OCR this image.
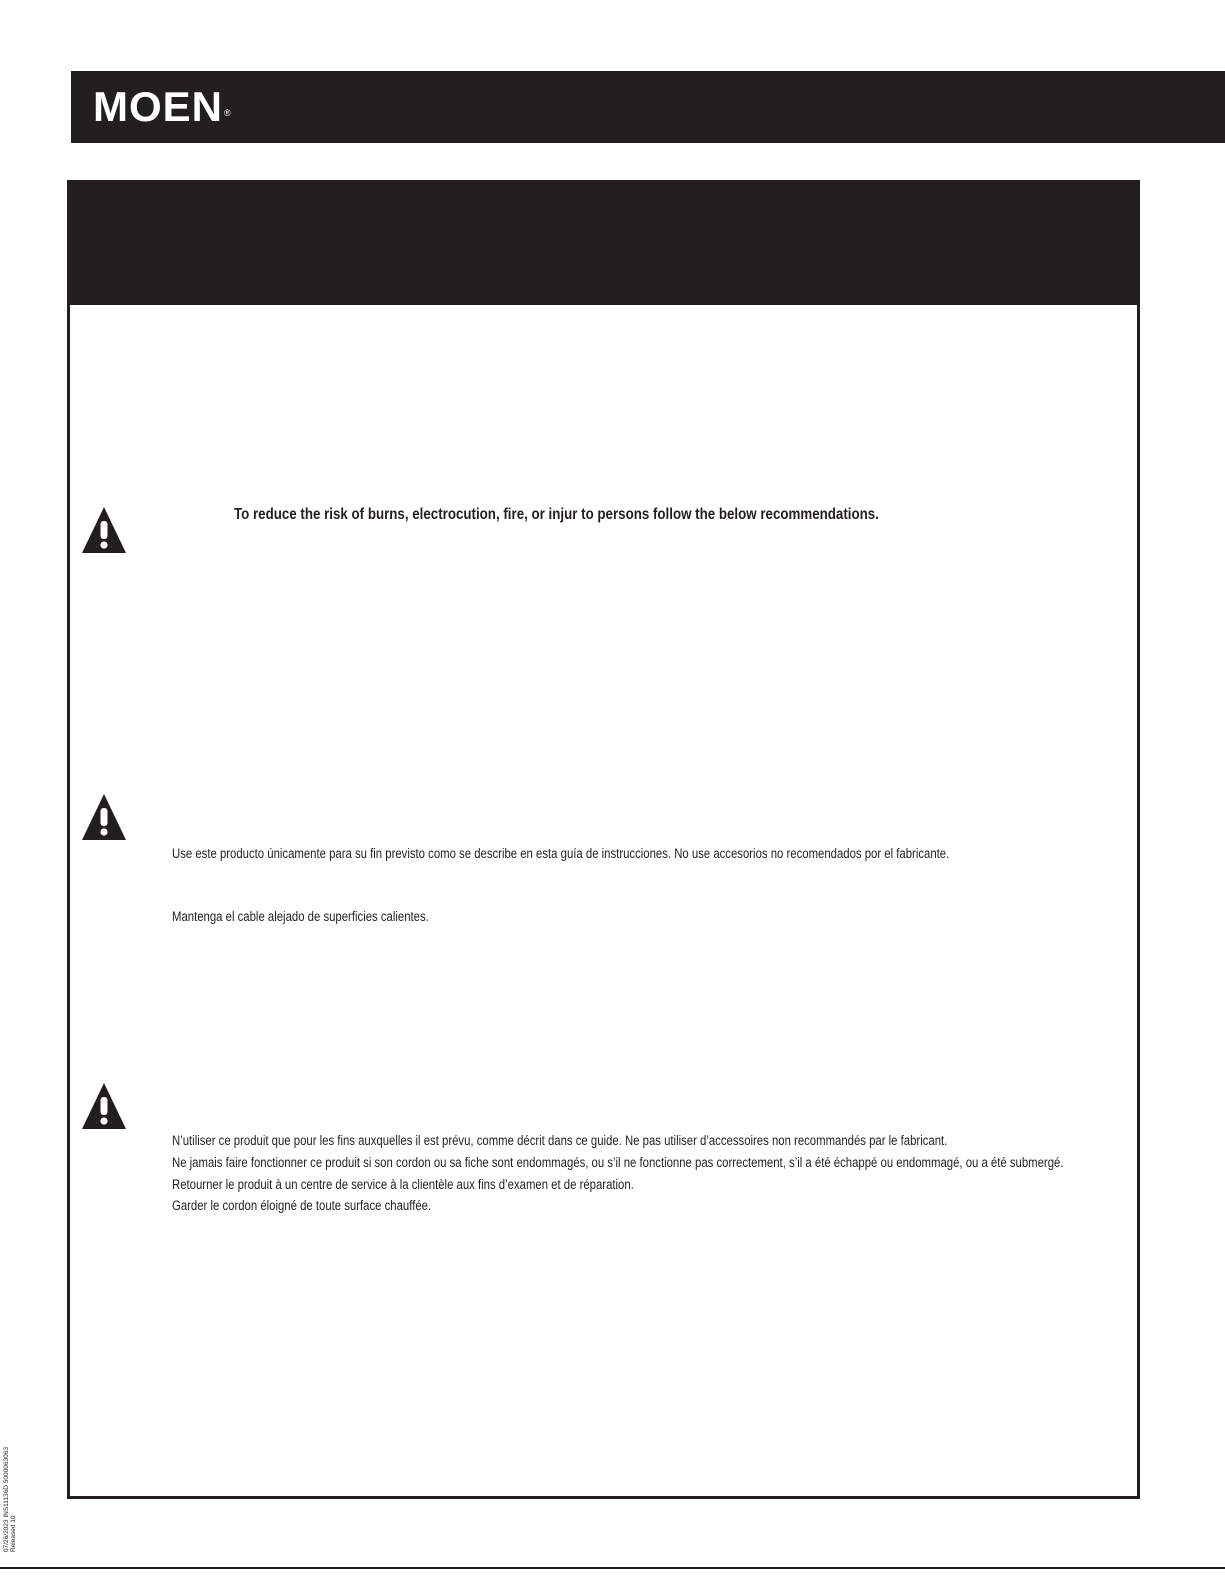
MOEN®
To reduce the risk of burns, electrocution, fire, or injur to persons follow the below recommendations.
Use este producto únicamente para su fin previsto como se describe en esta guía de instrucciones. No use accesorios no recomendados por el fabricante.
Mantenga el cable alejado de superficies calientes.
N’utiliser ce produit que pour les fins auxquelles il est prévu, comme décrit dans ce guide. Ne pas utiliser d’accessoires non recommandés par le fabricant.
Ne jamais faire fonctionner ce produit si son cordon ou sa fiche sont endommagés, ou s’il ne fonctionne pas correctement, s’il a été échappé ou endommagé, ou a été submergé.
Retourner le produit à un centre de service à la clientèle aux fins d’examen et de réparation.
Garder le cordon éloigné de toute surface chauffée.
07/26/2023 INS11136D 5000063063 Released 10
